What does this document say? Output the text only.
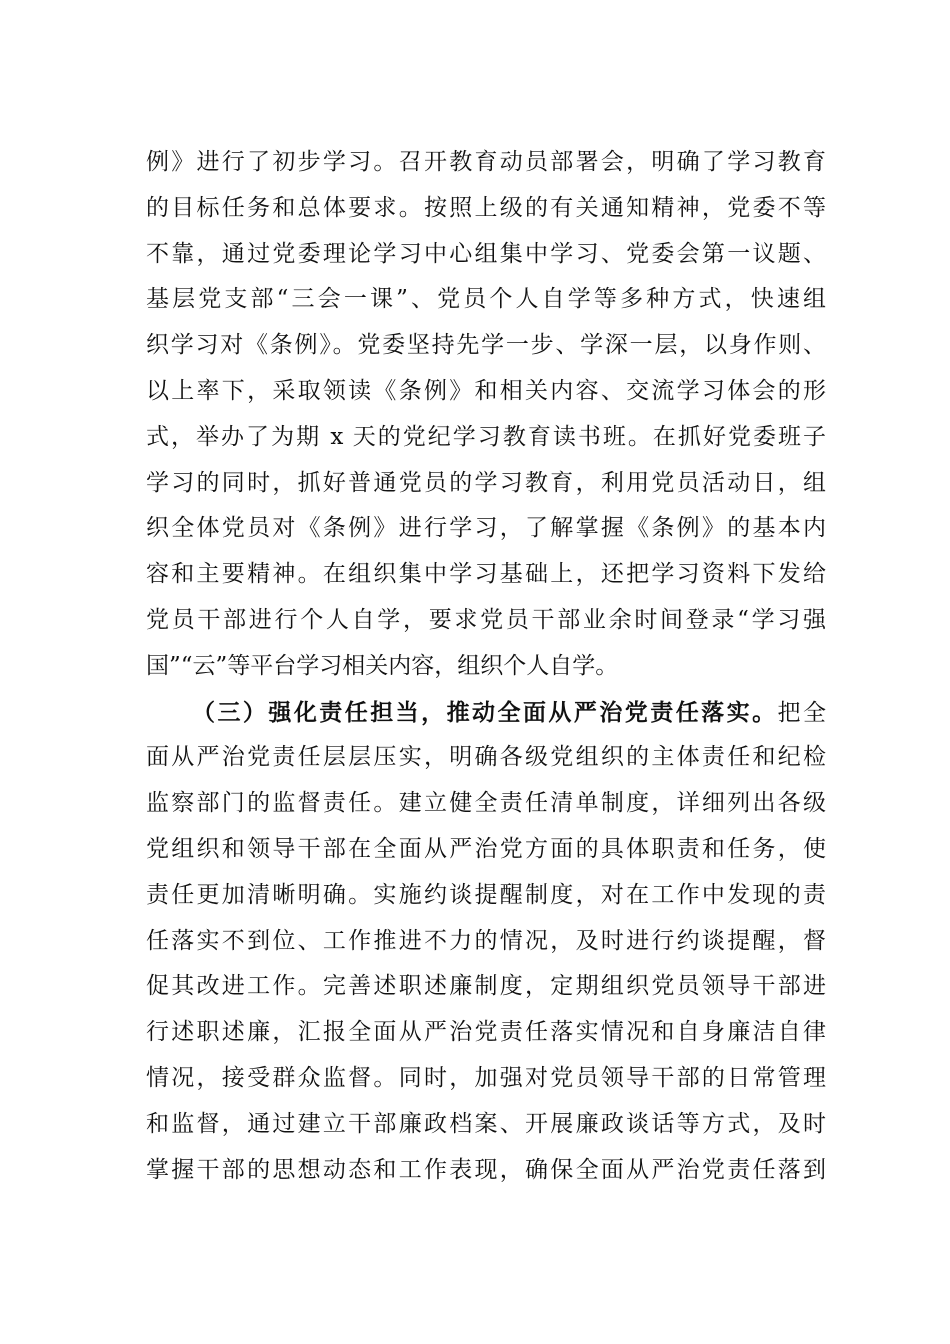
例》进行了初步学习。召开教育动员部署会，明确了学习教育
的目标任务和总体要求。按照上级的有关通知精神，党委不等
不靠，通过党委理论学习中心组集中学习、党委会第一议题、
基层党支部“三会一课”、党员个人自学等多种方式，快速组
织学习对《条例》。党委坚持先学一步、学深一层，以身作则、
以上率下，采取领读《条例》和相关内容、交流学习体会的形
式，举办了为期 x 天的党纪学习教育读书班。在抓好党委班子
学习的同时，抓好普通党员的学习教育，利用党员活动日，组
织全体党员对《条例》进行学习，了解掌握《条例》的基本内
容和主要精神。在组织集中学习基础上，还把学习资料下发给
党员干部进行个人自学，要求党员干部业余时间登录“学习强
国”“云”等平台学习相关内容，组织个人自学。
（三）强化责任担当，推动全面从严治党责任落实。把全
面从严治党责任层层压实，明确各级党组织的主体责任和纪检
监察部门的监督责任。建立健全责任清单制度，详细列出各级
党组织和领导干部在全面从严治党方面的具体职责和任务，使
责任更加清晰明确。实施约谈提醒制度，对在工作中发现的责
任落实不到位、工作推进不力的情况，及时进行约谈提醒，督
促其改进工作。完善述职述廉制度，定期组织党员领导干部进
行述职述廉，汇报全面从严治党责任落实情况和自身廉洁自律
情况，接受群众监督。同时，加强对党员领导干部的日常管理
和监督，通过建立干部廉政档案、开展廉政谈话等方式，及时
掌握干部的思想动态和工作表现，确保全面从严治党责任落到
